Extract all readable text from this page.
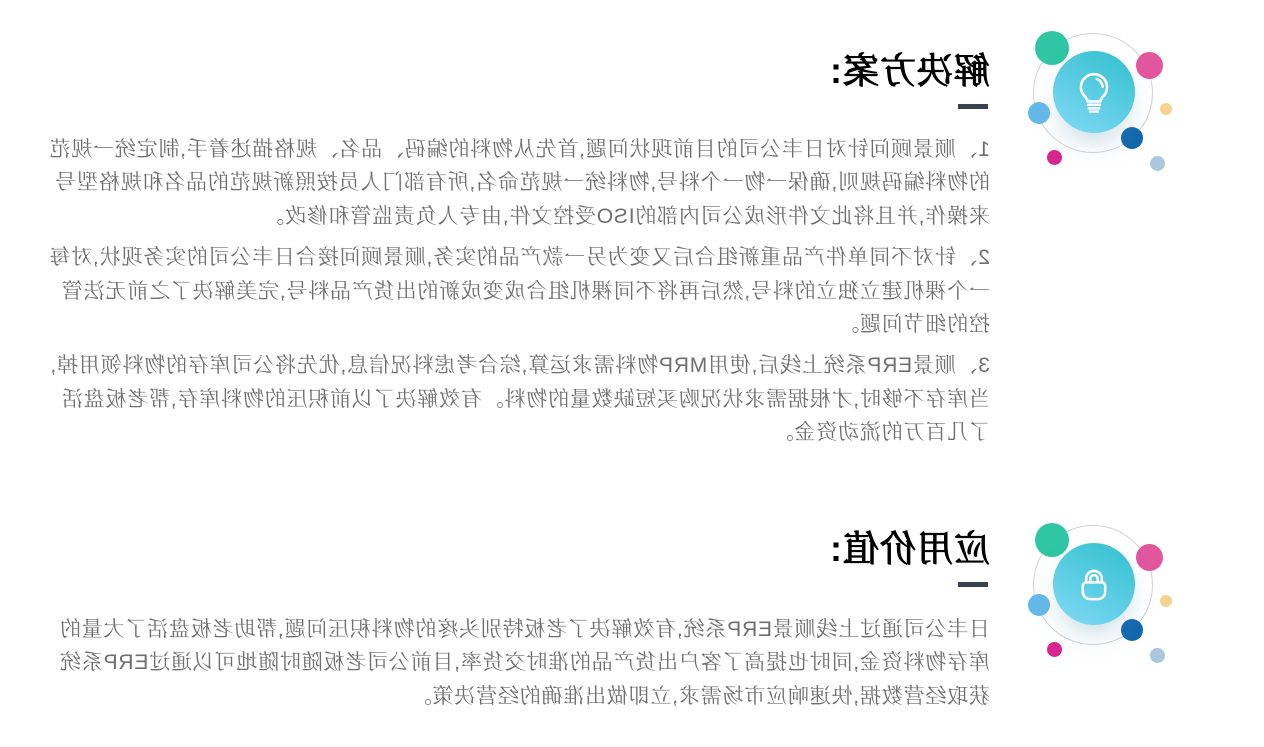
解决方案:

1、顺景顾问针对日丰公司的目前现状问题,首先从物料的编码、品名、规格描述着手,制定统一规范的物料编码规则,确保一物一个料号,物料统一规范命名,所有部门人员按照新规范的品名和规格型号来操作,并且将此文件形成公司内部的ISO受控文件,由专人负责监管和修改。

2、针对不同单件产品重新组合后又变为另一款产品的实务,顺景顾问接合日丰公司的实务现状,对每一个裸机建立独立的料号,然后再将不同裸机组合成变成新的出货产品料号,完美解决了之前无法管控的细节问题。

3、顺景ERP系统上线后,使用MRP物料需求运算,综合考虑料况信息,优先将公司库存的物料领用掉,当库存不够时,才根据需求状况购买短缺数量的物料。有效解决了以前积压的物料库存,帮老板盘活了几百万的流动资金。

应用价值:

日丰公司通过上线顺景ERP系统,有效解决了老板特别头疼的物料积压问题,帮助老板盘活了大量的库存物料资金,同时也提高了客户出货产品的准时交货率,目前公司老板随时随地可以通过ERP系统获取经营数据,快速响应市场需求,立即做出准确的经营决策。
